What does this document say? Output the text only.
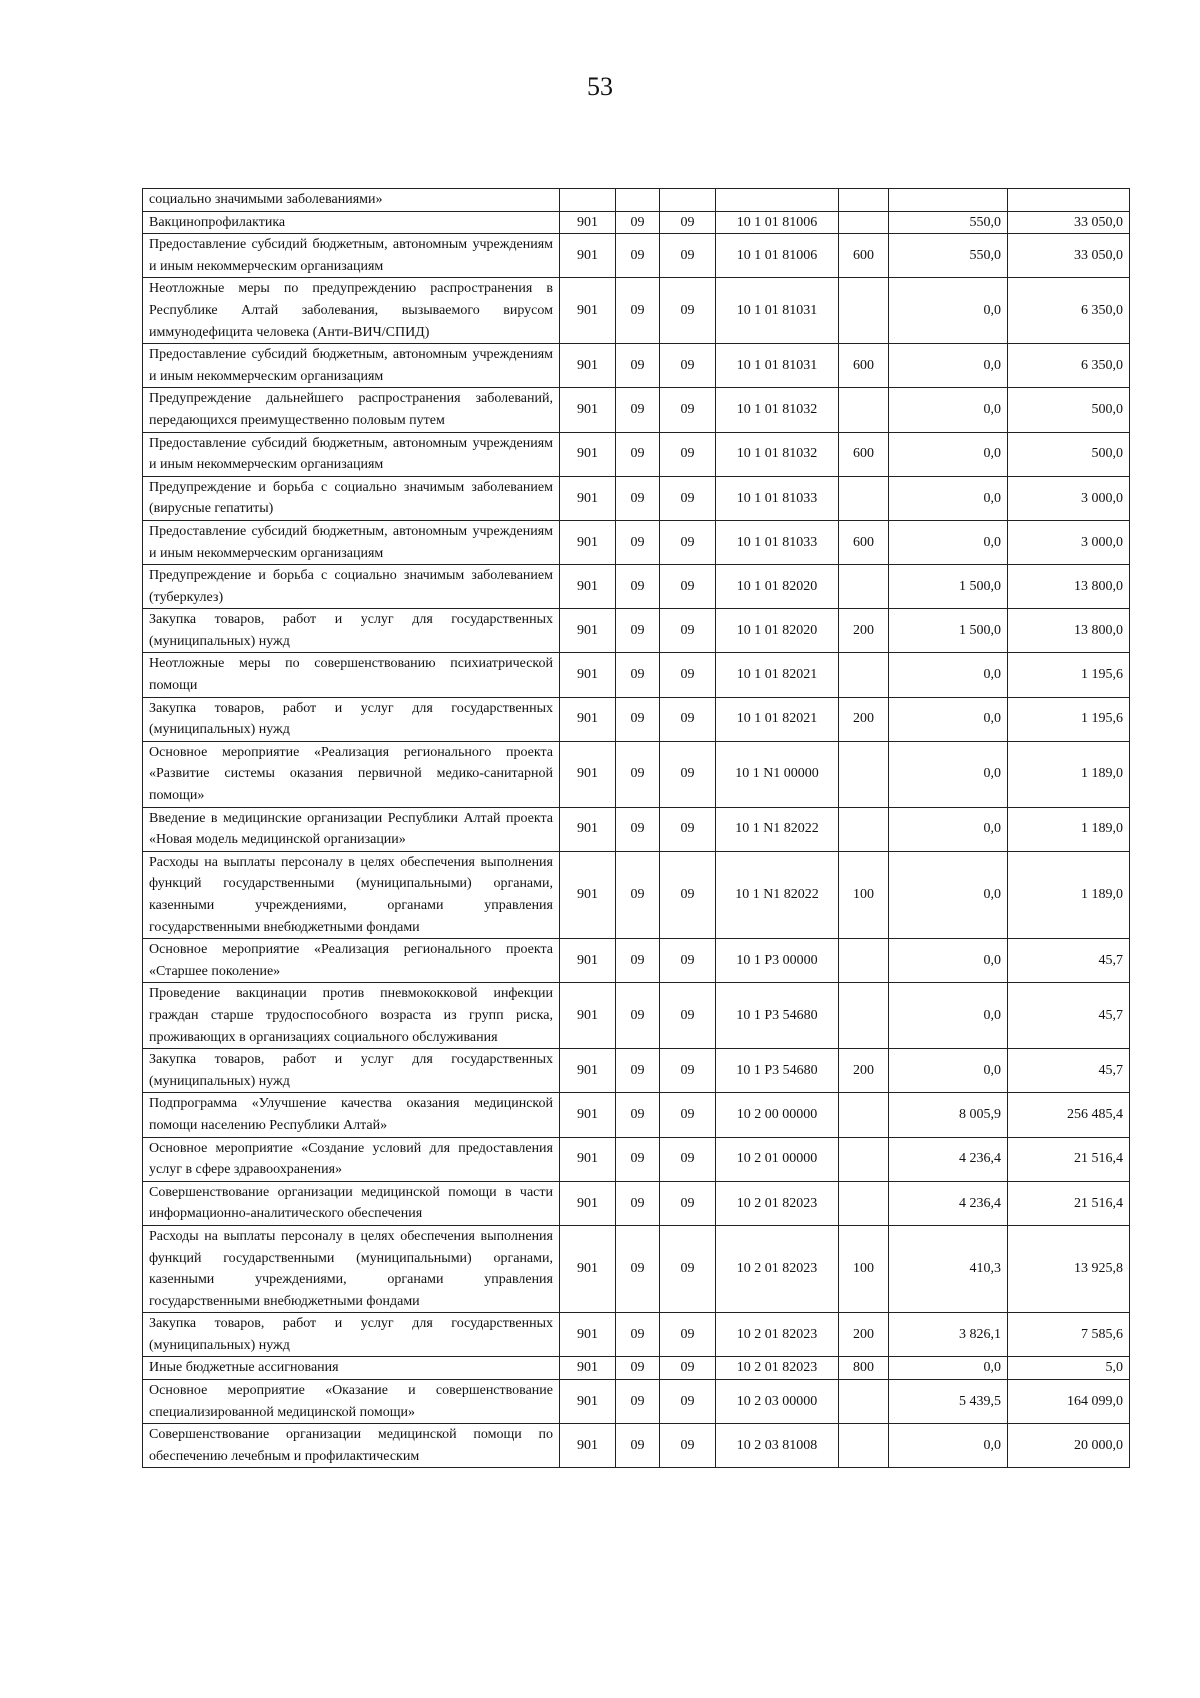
53
социально значимыми заболеваниями»							
Вакцинопрофилактика	901	09	09	10 1 01 81006		550,0	33 050,0
Предоставление субсидий бюджетным, автономным учреждениям и иным некоммерческим организациям	901	09	09	10 1 01 81006	600	550,0	33 050,0
Неотложные меры по предупреждению распространения в Республике Алтай заболевания, вызываемого вирусом иммунодефицита человека (Анти-ВИЧ/СПИД)	901	09	09	10 1 01 81031		0,0	6 350,0
Предоставление субсидий бюджетным, автономным учреждениям и иным некоммерческим организациям	901	09	09	10 1 01 81031	600	0,0	6 350,0
Предупреждение дальнейшего распространения заболеваний, передающихся преимущественно половым путем	901	09	09	10 1 01 81032		0,0	500,0
Предоставление субсидий бюджетным, автономным учреждениям и иным некоммерческим организациям	901	09	09	10 1 01 81032	600	0,0	500,0
Предупреждение и борьба с социально значимым заболеванием (вирусные гепатиты)	901	09	09	10 1 01 81033		0,0	3 000,0
Предоставление субсидий бюджетным, автономным учреждениям и иным некоммерческим организациям	901	09	09	10 1 01 81033	600	0,0	3 000,0
Предупреждение и борьба с социально значимым заболеванием (туберкулез)	901	09	09	10 1 01 82020		1 500,0	13 800,0
Закупка товаров, работ и услуг для государственных (муниципальных) нужд	901	09	09	10 1 01 82020	200	1 500,0	13 800,0
Неотложные меры по совершенствованию психиатрической помощи	901	09	09	10 1 01 82021		0,0	1 195,6
Закупка товаров, работ и услуг для государственных (муниципальных) нужд	901	09	09	10 1 01 82021	200	0,0	1 195,6
Основное мероприятие «Реализация регионального проекта «Развитие системы оказания первичной медико-санитарной помощи»	901	09	09	10 1 N1 00000		0,0	1 189,0
Введение в медицинские организации Республики Алтай проекта «Новая модель медицинской организации»	901	09	09	10 1 N1 82022		0,0	1 189,0
Расходы на выплаты персоналу в целях обеспечения выполнения функций государственными (муниципальными) органами, казенными учреждениями, органами управления государственными внебюджетными фондами	901	09	09	10 1 N1 82022	100	0,0	1 189,0
Основное мероприятие «Реализация регионального проекта «Старшее поколение»	901	09	09	10 1 P3 00000		0,0	45,7
Проведение вакцинации против пневмококковой инфекции граждан старше трудоспособного возраста из групп риска, проживающих в организациях социального обслуживания	901	09	09	10 1 P3 54680		0,0	45,7
Закупка товаров, работ и услуг для государственных (муниципальных) нужд	901	09	09	10 1 P3 54680	200	0,0	45,7
Подпрограмма «Улучшение качества оказания медицинской помощи населению Республики Алтай»	901	09	09	10 2 00 00000		8 005,9	256 485,4
Основное мероприятие «Создание условий для предоставления услуг в сфере здравоохранения»	901	09	09	10 2 01 00000		4 236,4	21 516,4
Совершенствование организации медицинской помощи в части информационно-аналитического обеспечения	901	09	09	10 2 01 82023		4 236,4	21 516,4
Расходы на выплаты персоналу в целях обеспечения выполнения функций государственными (муниципальными) органами, казенными учреждениями, органами управления государственными внебюджетными фондами	901	09	09	10 2 01 82023	100	410,3	13 925,8
Закупка товаров, работ и услуг для государственных (муниципальных) нужд	901	09	09	10 2 01 82023	200	3 826,1	7 585,6
Иные бюджетные ассигнования	901	09	09	10 2 01 82023	800	0,0	5,0
Основное мероприятие «Оказание и совершенствование специализированной медицинской помощи»	901	09	09	10 2 03 00000		5 439,5	164 099,0
Совершенствование организации медицинской помощи по обеспечению лечебным и профилактическим	901	09	09	10 2 03 81008		0,0	20 000,0
